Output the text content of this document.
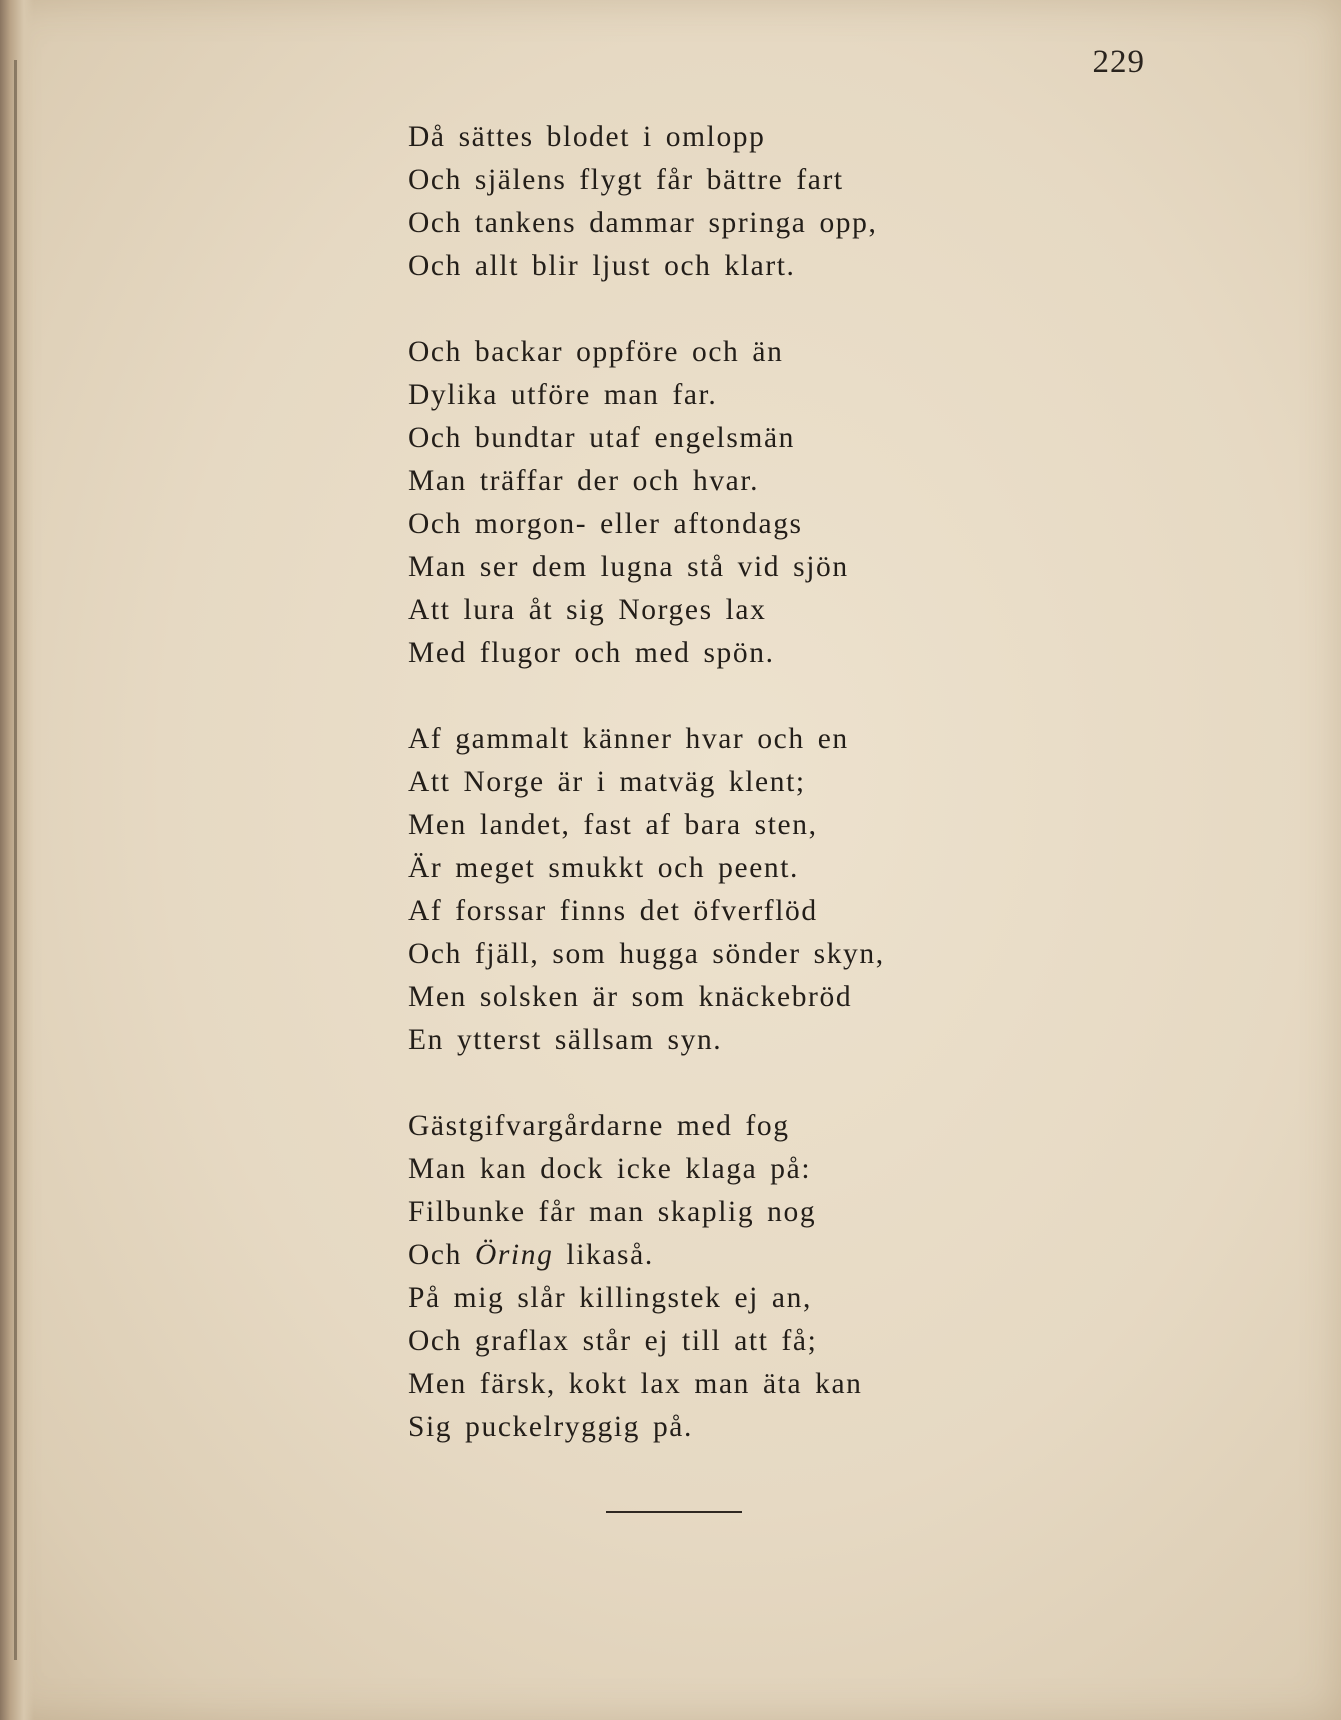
229
Då sättes blodet i omlopp
Och själens flygt får bättre fart
Och tankens dammar springa opp,
Och allt blir ljust och klart.
Och backar oppföre och än
Dylika utföre man far.
Och bundtar utaf engelsmän
Man träffar der och hvar.
Och morgon- eller aftondags
Man ser dem lugna stå vid sjön
Att lura åt sig Norges lax
Med flugor och med spön.
Af gammalt känner hvar och en
Att Norge är i matväg klent;
Men landet, fast af bara sten,
Är meget smukkt och peent.
Af forssar finns det öfverflöd
Och fjäll, som hugga sönder skyn,
Men solsken är som knäckebröd
En ytterst sällsam syn.
Gästgifvargårdarne med fog
Man kan dock icke klaga på:
Filbunke får man skaplig nog
Och Öring likaså.
På mig slår killingstek ej an,
Och graflax står ej till att få;
Men färsk, kokt lax man äta kan
Sig puckelryggig på.
